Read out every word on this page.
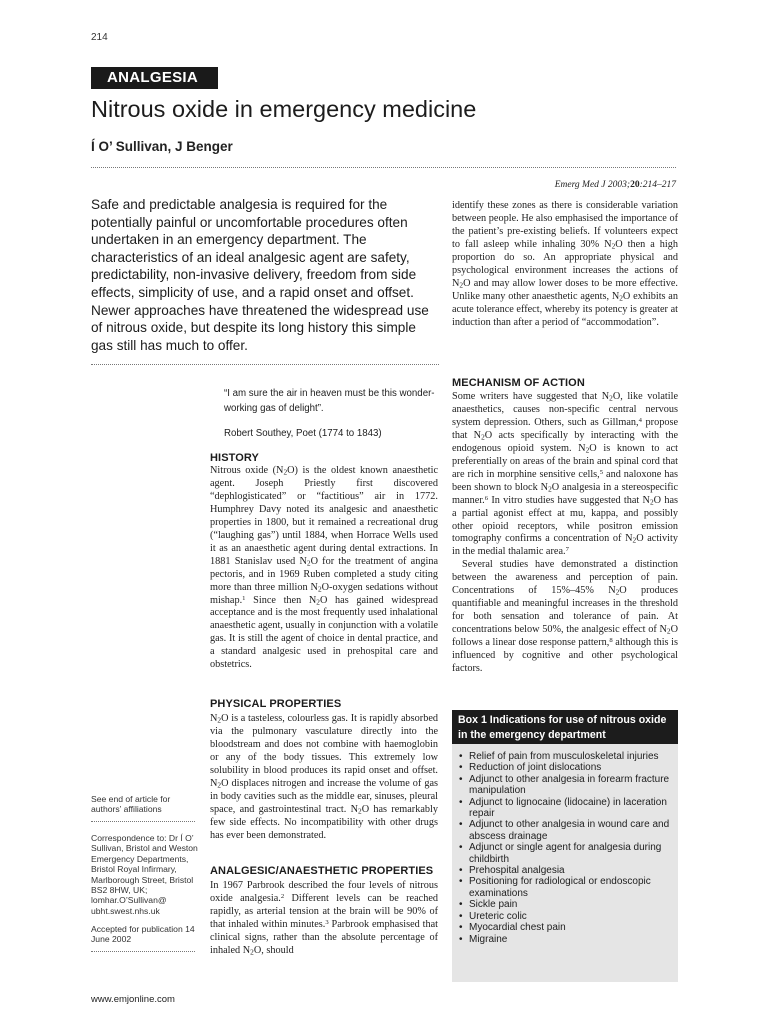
214
ANALGESIA
Nitrous oxide in emergency medicine
Í O’ Sullivan, J Benger
Emerg Med J 2003;20:214–217
Safe and predictable analgesia is required for the potentially painful or uncomfortable procedures often undertaken in an emergency department. The characteristics of an ideal analgesic agent are safety, predictability, non-invasive delivery, freedom from side effects, simplicity of use, and a rapid onset and offset. Newer approaches have threatened the widespread use of nitrous oxide, but despite its long history this simple gas still has much to offer.
“I am sure the air in heaven must be this wonder-working gas of delight”.
Robert Southey, Poet (1774 to 1843)
HISTORY

Nitrous oxide $(N_2O)$ is the oldest known anaesthetic agent. Joseph Priestly first discovered “dephlogisticated” or “factitious” air in 1772. Humphrey Davy noted its analgesic and anaesthetic properties in 1800, but it remained a recreational drug (“laughing gas”) until 1884, when Horrace Wells used it as an anaesthetic agent during dental extractions. In 1881 Stanislav used $N_2O$ for the treatment of angina pectoris, and in 1969 Ruben completed a study citing more than three million $N_2O$-oxygen sedations without mishap.$^1$ Since then $N_2O$ has gained widespread acceptance and is the most frequently used inhalational anaesthetic agent, usually in conjunction with a volatile gas. It is still the agent of choice in dental practice, and a standard analgesic used in prehospital care and obstetrics.

PHYSICAL PROPERTIES

$N_2O$ is a tasteless, colourless gas. It is rapidly absorbed via the pulmonary vasculature directly into the bloodstream and does not combine with haemoglobin or any of the body tissues. This extremely low solubility in blood produces its rapid onset and offset. $N_2O$ displaces nitrogen and increase the volume of gas in body cavities such as the middle ear, sinuses, pleural space, and gastrointestinal tract. $N_2O$ has remarkably few side effects. No incompatibility with other drugs has ever been demonstrated.

ANALGESIC/ANAESTHETIC PROPERTIES

In 1967 Parbrook described the four levels of nitrous oxide analgesia.$^2$ Different levels can be reached rapidly, as arterial tension at the brain will be 90% of that inhaled within minutes.$^3$ Parbrook emphasised that clinical signs, rather than the absolute percentage of inhaled $N_2O$, should

identify these zones as there is considerable variation between people. He also emphasised the importance of the patient’s pre-existing beliefs. If volunteers expect to fall asleep while inhaling 30% $N_2O$ then a high proportion do so. An appropriate physical and psychological environment increases the actions of $N_2O$ and may allow lower doses to be more effective. Unlike many other anaesthetic agents, $N_2O$ exhibits an acute tolerance effect, whereby its potency is greater at induction than after a period of “accommodation”.

MECHANISM OF ACTION

Some writers have suggested that $N_2O$, like volatile anaesthetics, causes non-specific central nervous system depression. Others, such as Gillman,$^4$ propose that $N_2O$ acts specifically by interacting with the endogenous opioid system. $N_2O$ is known to act preferentially on areas of the brain and spinal cord that are rich in morphine sensitive cells,$^5$ and naloxone has been shown to block $N_2O$ analgesia in a stereospecific manner.$^6$ In vitro studies have suggested that $N_2O$ has a partial agonist effect at mu, kappa, and possibly other opioid receptors, while positron emission tomography confirms a concentration of $N_2O$ activity in the medial thalamic area.$^7$

Several studies have demonstrated a distinction between the awareness and perception of pain. Concentrations of 15%–45% $N_2O$ produces quantifiable and meaningful increases in the threshold for both sensation and tolerance of pain. At concentrations below 50%, the analgesic effect of $N_2O$ follows a linear dose response pattern,$^8$ although this is influenced by cognitive and other psychological factors.

See end of article for authors’ affiliations
Correspondence to: Dr Í O’ Sullivan, Bristol and Weston Emergency Departments, Bristol Royal Infirmary, Marlborough Street, Bristol BS2 8HW, UK; lomhar.O’Sullivan@ ubht.swest.nhs.uk
Accepted for publication 14 June 2002
Box 1 Indications for use of nitrous oxide in the emergency department
• Relief of pain from musculoskeletal injuries
• Reduction of joint dislocations
• Adjunct to other analgesia in forearm fracture manipulation
• Adjunct to lignocaine (lidocaine) in laceration repair
• Adjunct to other analgesia in wound care and abscess drainage
• Adjunct or single agent for analgesia during childbirth
• Prehospital analgesia
• Positioning for radiological or endoscopic examinations
• Sickle pain
• Ureteric colic
• Myocardial chest pain
• Migraine
www.emjonline.com
